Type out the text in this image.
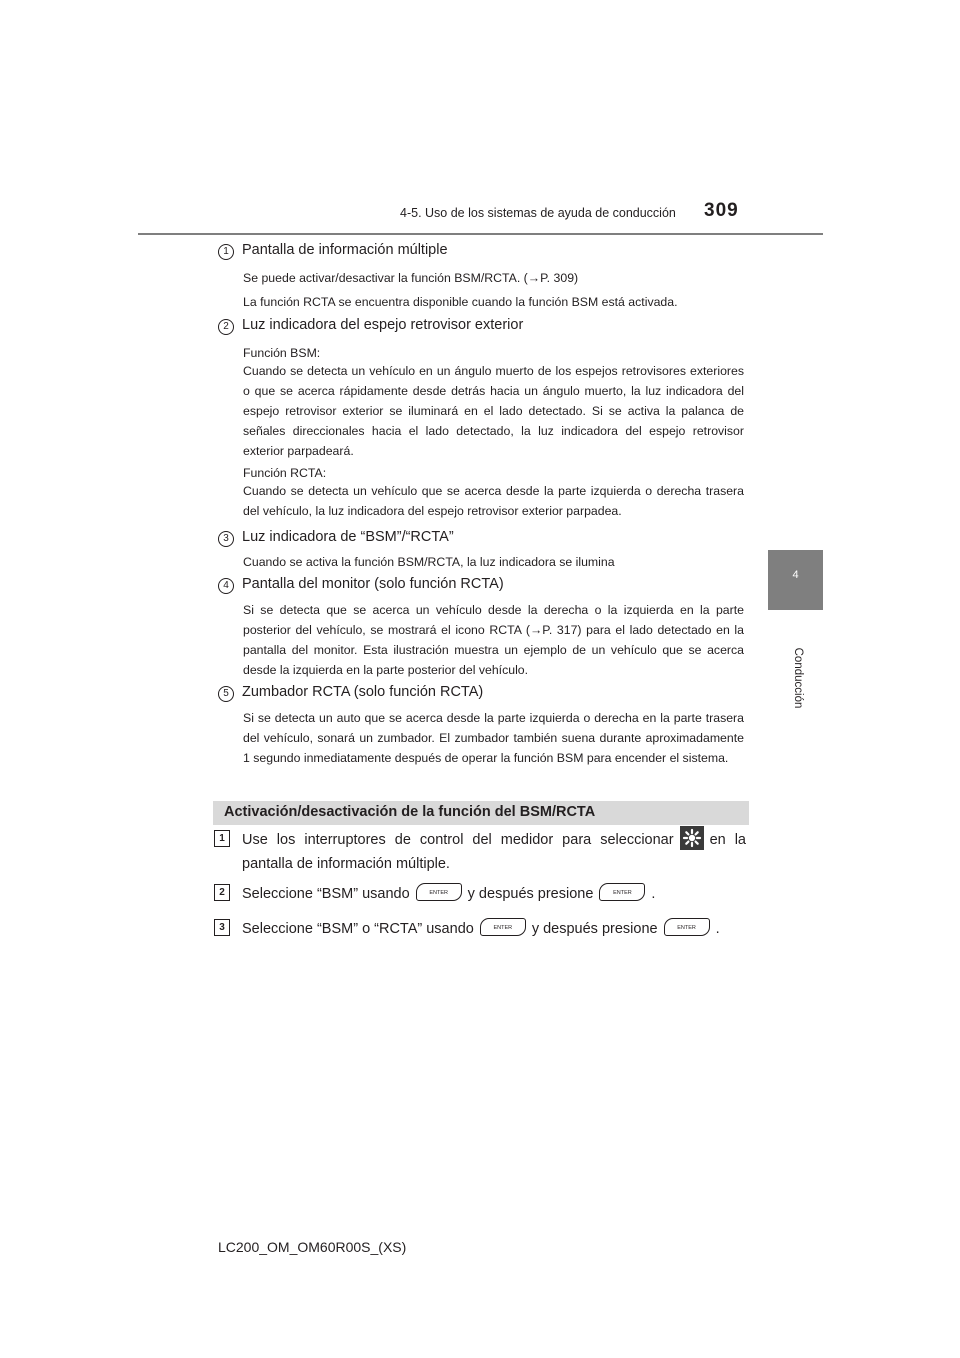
4-5. Uso de los sistemas de ayuda de conducción 309
4
Conducción
1 Pantalla de información múltiple
Se puede activar/desactivar la función BSM/RCTA. (→P. 309)
La función RCTA se encuentra disponible cuando la función BSM está activada.
2 Luz indicadora del espejo retrovisor exterior
Función BSM:
Cuando se detecta un vehículo en un ángulo muerto de los espejos retrovisores exteriores o que se acerca rápidamente desde detrás hacia un ángulo muerto, la luz indicadora del espejo retrovisor exterior se iluminará en el lado detectado. Si se activa la palanca de señales direccionales hacia el lado detectado, la luz indicadora del espejo retrovisor exterior parpadeará.
Función RCTA:
Cuando se detecta un vehículo que se acerca desde la parte izquierda o derecha trasera del vehículo, la luz indicadora del espejo retrovisor exterior parpadea.
3 Luz indicadora de “BSM”/“RCTA”
Cuando se activa la función BSM/RCTA, la luz indicadora se ilumina
4 Pantalla del monitor (solo función RCTA)
Si se detecta que se acerca un vehículo desde la derecha o la izquierda en la parte posterior del vehículo, se mostrará el icono RCTA (→P. 317) para el lado detectado en la pantalla del monitor. Esta ilustración muestra un ejemplo de un vehículo que se acerca desde la izquierda en la parte posterior del vehículo.
5 Zumbador RCTA (solo función RCTA)
Si se detecta un auto que se acerca desde la parte izquierda o derecha en la parte trasera del vehículo, sonará un zumbador. El zumbador también suena durante aproximadamente 1 segundo inmediatamente después de operar la función BSM para encender el sistema.
Activación/desactivación de la función del BSM/RCTA
1	Use los interruptores de control del medidor para seleccionar en la pantalla de información múltiple.
2	Seleccione “BSM” usando	ENTER y después presione	ENTER .
3	Seleccione “BSM” o “RCTA” usando	ENTER y después presione	ENTER .
LC200_OM_OM60R00S_(XS)
